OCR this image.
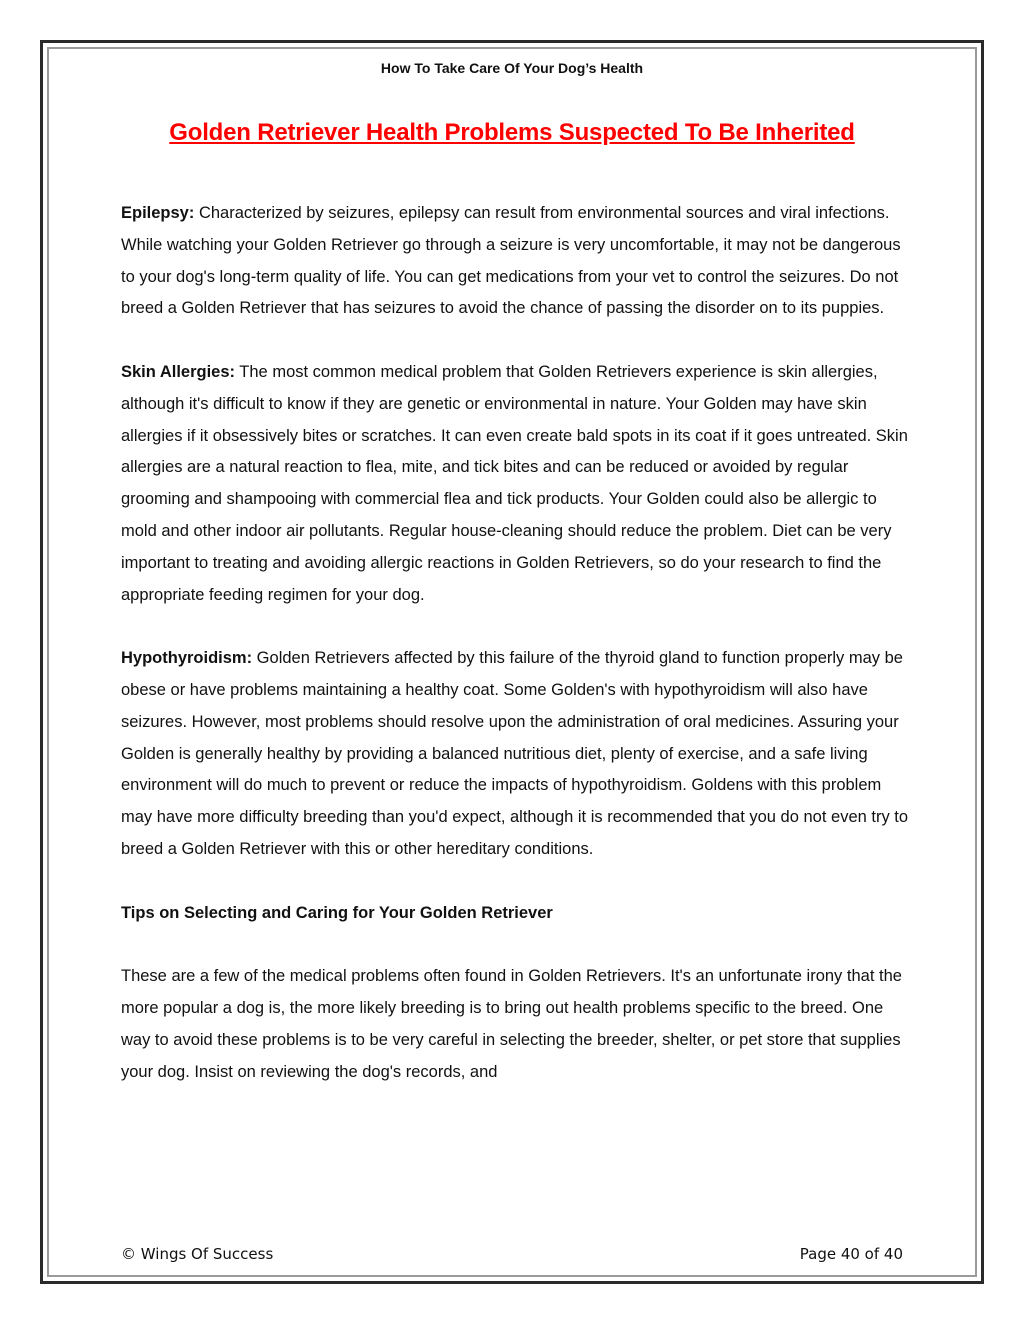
How To Take Care Of Your Dog’s Health
Golden Retriever Health Problems Suspected To Be Inherited

Epilepsy: Characterized by seizures, epilepsy can result from environmental sources and viral infections. While watching your Golden Retriever go through a seizure is very uncomfortable, it may not be dangerous to your dog's long-term quality of life. You can get medications from your vet to control the seizures. Do not breed a Golden Retriever that has seizures to avoid the chance of passing the disorder on to its puppies.

Skin Allergies: The most common medical problem that Golden Retrievers experience is skin allergies, although it's difficult to know if they are genetic or environmental in nature. Your Golden may have skin allergies if it obsessively bites or scratches. It can even create bald spots in its coat if it goes untreated. Skin allergies are a natural reaction to flea, mite, and tick bites and can be reduced or avoided by regular grooming and shampooing with commercial flea and tick products. Your Golden could also be allergic to mold and other indoor air pollutants. Regular house-cleaning should reduce the problem. Diet can be very important to treating and avoiding allergic reactions in Golden Retrievers, so do your research to find the appropriate feeding regimen for your dog.

Hypothyroidism: Golden Retrievers affected by this failure of the thyroid gland to function properly may be obese or have problems maintaining a healthy coat. Some Golden's with hypothyroidism will also have seizures. However, most problems should resolve upon the administration of oral medicines. Assuring your Golden is generally healthy by providing a balanced nutritious diet, plenty of exercise, and a safe living environment will do much to prevent or reduce the impacts of hypothyroidism. Goldens with this problem may have more difficulty breeding than you'd expect, although it is recommended that you do not even try to breed a Golden Retriever with this or other hereditary conditions.

Tips on Selecting and Caring for Your Golden Retriever

These are a few of the medical problems often found in Golden Retrievers. It's an unfortunate irony that the more popular a dog is, the more likely breeding is to bring out health problems specific to the breed. One way to avoid these problems is to be very careful in selecting the breeder, shelter, or pet store that supplies your dog. Insist on reviewing the dog's records, and

© Wings Of Success	Page 40 of 40
